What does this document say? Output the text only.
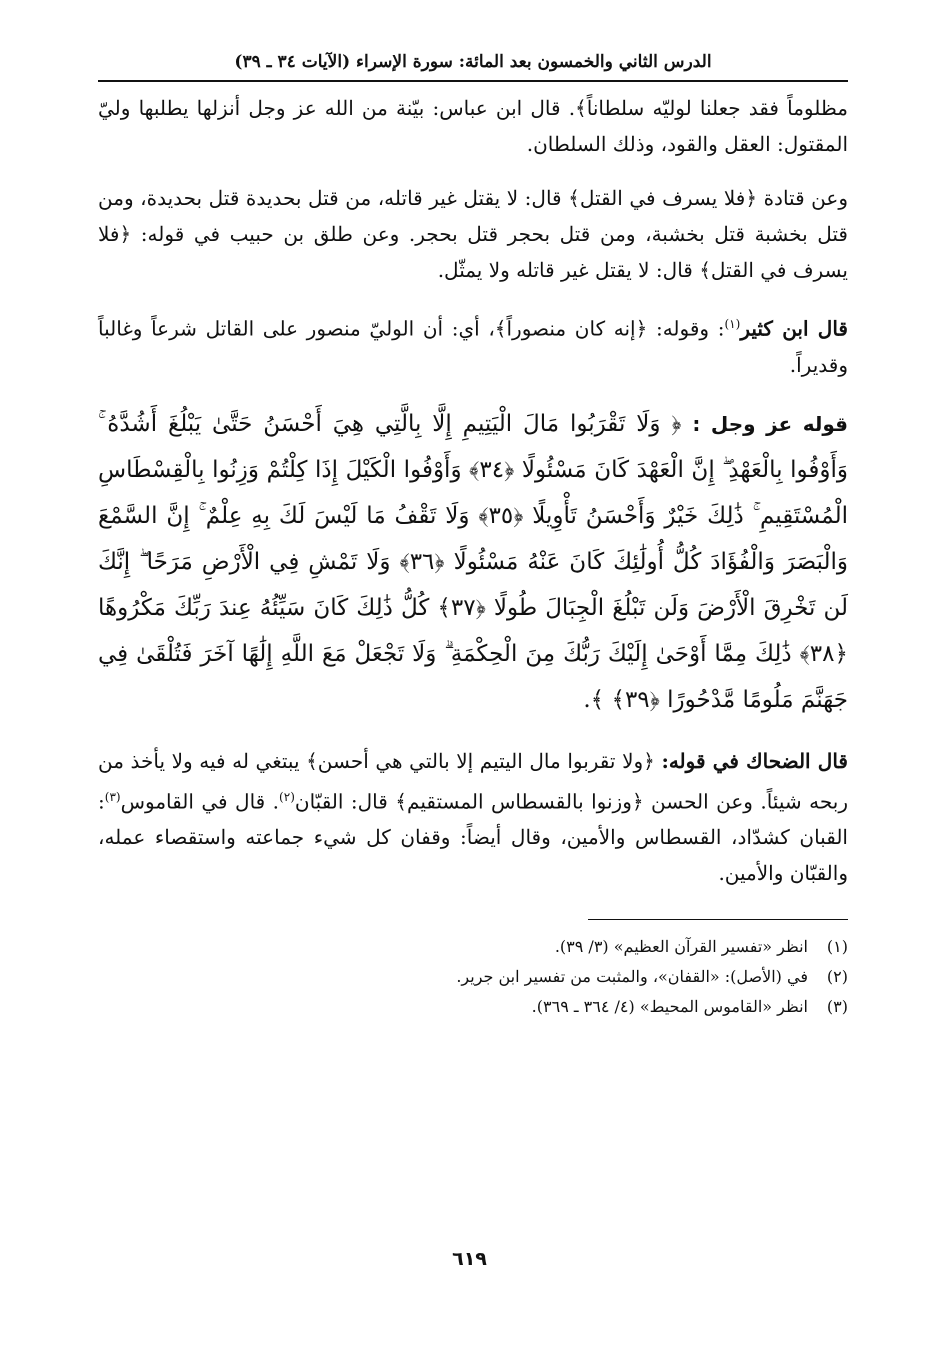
الدرس الثاني والخمسون بعد المائة: سورة الإسراء (الآيات ٣٤ ـ ٣٩)

مظلوماً فقد جعلنا لوليّه سلطاناً﴾. قال ابن عباس: بيّنة من الله عز وجل أنزلها يطلبها وليّ المقتول: العقل والقود، وذلك السلطان.

وعن قتادة ﴿فلا يسرف في القتل﴾ قال: لا يقتل غير قاتله، من قتل بحديدة قتل بحديدة، ومن قتل بخشبة قتل بخشبة، ومن قتل بحجر قتل بحجر. وعن طلق بن حبيب في قوله: ﴿فلا يسرف في القتل﴾ قال: لا يقتل غير قاتله ولا يمثّل.

قال ابن كثير$^{(١)}$: وقوله: ﴿إنه كان منصوراً﴾، أي: أن الوليّ منصور على القاتل شرعاً وغالباً وقديراً.

قوله عز وجل : ﴿ وَلَا تَقْرَبُوا مَالَ الْيَتِيمِ إِلَّا بِالَّتِي هِيَ أَحْسَنُ حَتَّىٰ يَبْلُغَ أَشُدَّهُ ۚ وَأَوْفُوا بِالْعَهْدِ ۖ إِنَّ الْعَهْدَ كَانَ مَسْئُولًا ﴿٣٤﴾ وَأَوْفُوا الْكَيْلَ إِذَا كِلْتُمْ وَزِنُوا بِالْقِسْطَاسِ الْمُسْتَقِيمِ ۚ ذَٰلِكَ خَيْرٌ وَأَحْسَنُ تَأْوِيلًا ﴿٣٥﴾ وَلَا تَقْفُ مَا لَيْسَ لَكَ بِهِ عِلْمٌ ۚ إِنَّ السَّمْعَ وَالْبَصَرَ وَالْفُؤَادَ كُلُّ أُولَٰئِكَ كَانَ عَنْهُ مَسْئُولًا ﴿٣٦﴾ وَلَا تَمْشِ فِي الْأَرْضِ مَرَحًا ۖ إِنَّكَ لَن تَخْرِقَ الْأَرْضَ وَلَن تَبْلُغَ الْجِبَالَ طُولًا ﴿٣٧﴾ كُلُّ ذَٰلِكَ كَانَ سَيِّئُهُ عِندَ رَبِّكَ مَكْرُوهًا ﴿٣٨﴾ ذَٰلِكَ مِمَّا أَوْحَىٰ إِلَيْكَ رَبُّكَ مِنَ الْحِكْمَةِ ۗ وَلَا تَجْعَلْ مَعَ اللَّهِ إِلَٰهًا آخَرَ فَتُلْقَىٰ فِي جَهَنَّمَ مَلُومًا مَّدْحُورًا ﴿٣٩﴾ ﴾.

قال الضحاك في قوله: ﴿ولا تقربوا مال اليتيم إلا بالتي هي أحسن﴾ يبتغي له فيه ولا يأخذ من ربحه شيئاً. وعن الحسن ﴿وزنوا بالقسطاس المستقيم﴾ قال: القبّان$^{(٢)}$. قال في القاموس$^{(٣)}$: القبان كشدّاد، القسطاس والأمين، وقال أيضاً: وقفان كل شيء جماعته واستقصاء عمله، والقبّان والأمين.

(١)انظر «تفسير القرآن العظيم» (٣/ ٣٩).
(٢)في (الأصل): «القفان»، والمثبت من تفسير ابن جرير.
(٣)انظر «القاموس المحيط» (٤/ ٣٦٤ ـ ٣٦٩).
٦١٩
